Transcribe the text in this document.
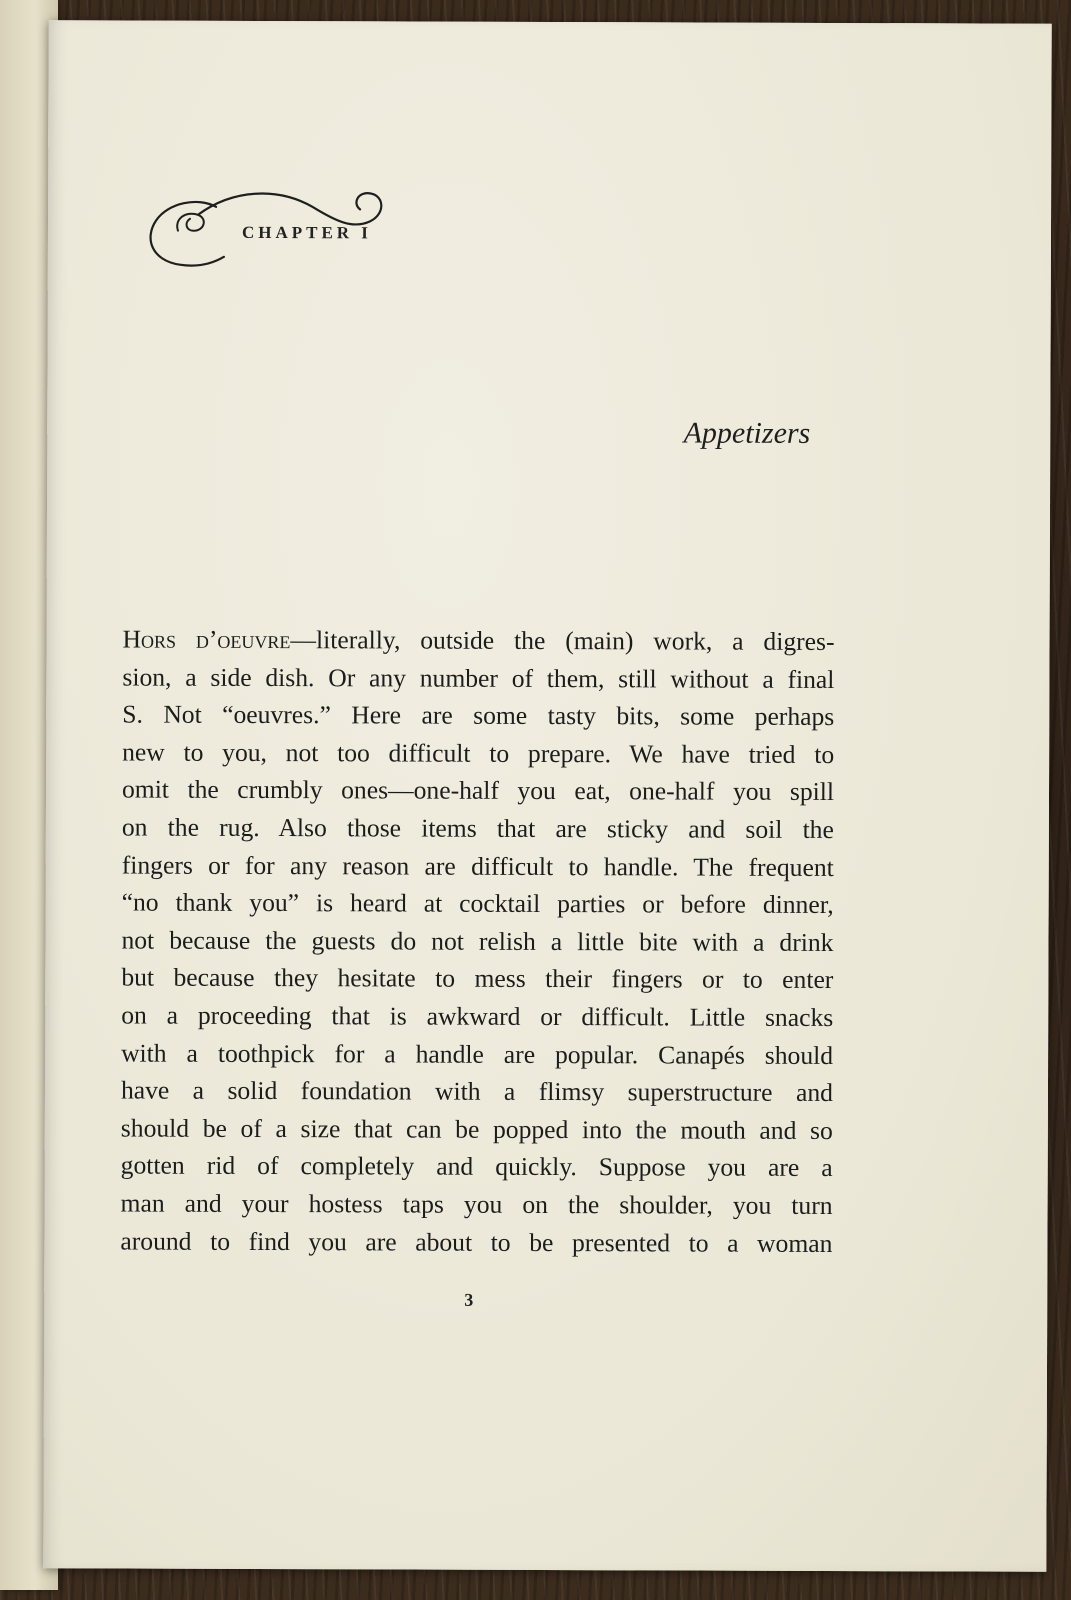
CHAPTER I
Appetizers
Hors d’oeuvre—literally, outside the (main) work, a digres-
sion, a side dish. Or any number of them, still without a final
S. Not “oeuvres.” Here are some tasty bits, some perhaps
new to you, not too difficult to prepare. We have tried to
omit the crumbly ones—one-half you eat, one-half you spill
on the rug. Also those items that are sticky and soil the
fingers or for any reason are difficult to handle. The frequent
“no thank you” is heard at cocktail parties or before dinner,
not because the guests do not relish a little bite with a drink
but because they hesitate to mess their fingers or to enter
on a proceeding that is awkward or difficult. Little snacks
with a toothpick for a handle are popular. Canapés should
have a solid foundation with a flimsy superstructure and
should be of a size that can be popped into the mouth and so
gotten rid of completely and quickly. Suppose you are a
man and your hostess taps you on the shoulder, you turn
around to find you are about to be presented to a woman
3
